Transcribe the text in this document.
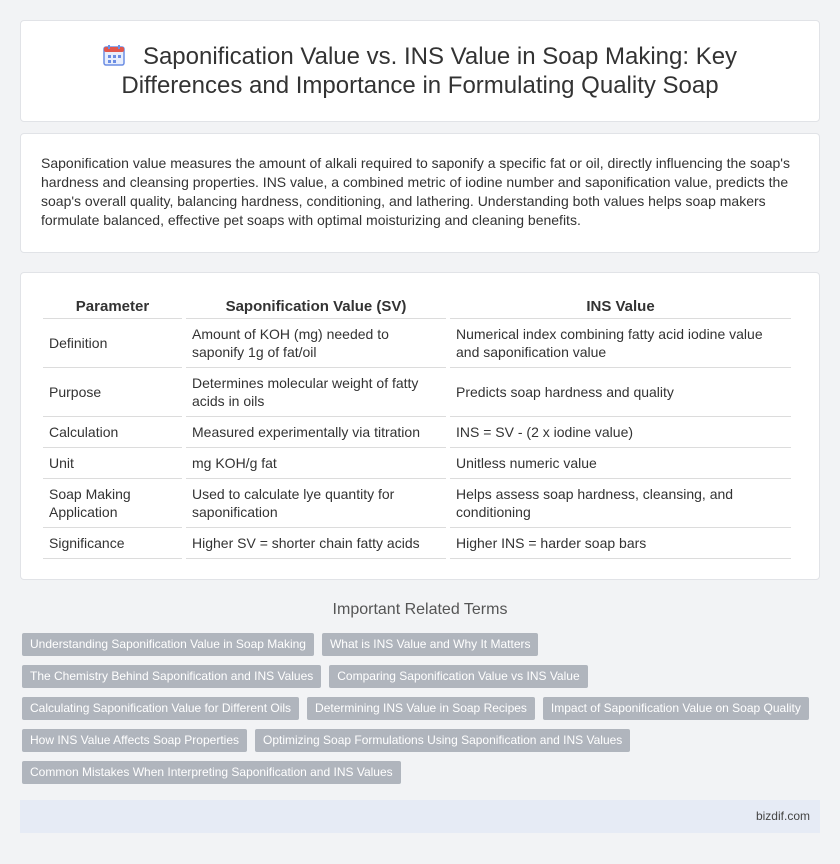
Saponification Value vs. INS Value in Soap Making: Key Differences and Importance in Formulating Quality Soap

Saponification value measures the amount of alkali required to saponify a specific fat or oil, directly influencing the soap's hardness and cleansing properties. INS value, a combined metric of iodine number and saponification value, predicts the soap's overall quality, balancing hardness, conditioning, and lathering. Understanding both values helps soap makers formulate balanced, effective pet soaps with optimal moisturizing and cleaning benefits.

Parameter	Saponification Value (SV)	INS Value
Definition	Amount of KOH (mg) needed to saponify 1g of fat/oil	Numerical index combining fatty acid iodine value and saponification value
Purpose	Determines molecular weight of fatty acids in oils	Predicts soap hardness and quality
Calculation	Measured experimentally via titration	INS = SV - (2 x iodine value)
Unit	mg KOH/g fat	Unitless numeric value
Soap Making Application	Used to calculate lye quantity for saponification	Helps assess soap hardness, cleansing, and conditioning
Significance	Higher SV = shorter chain fatty acids	Higher INS = harder soap bars
Important Related Terms
Understanding Saponification Value in Soap Making	What is INS Value and Why It Matters
The Chemistry Behind Saponification and INS Values	Comparing Saponification Value vs INS Value
Calculating Saponification Value for Different Oils	Determining INS Value in Soap Recipes	Impact of Saponification Value on Soap Quality
How INS Value Affects Soap Properties	Optimizing Soap Formulations Using Saponification and INS Values
Common Mistakes When Interpreting Saponification and INS Values
bizdif.com
